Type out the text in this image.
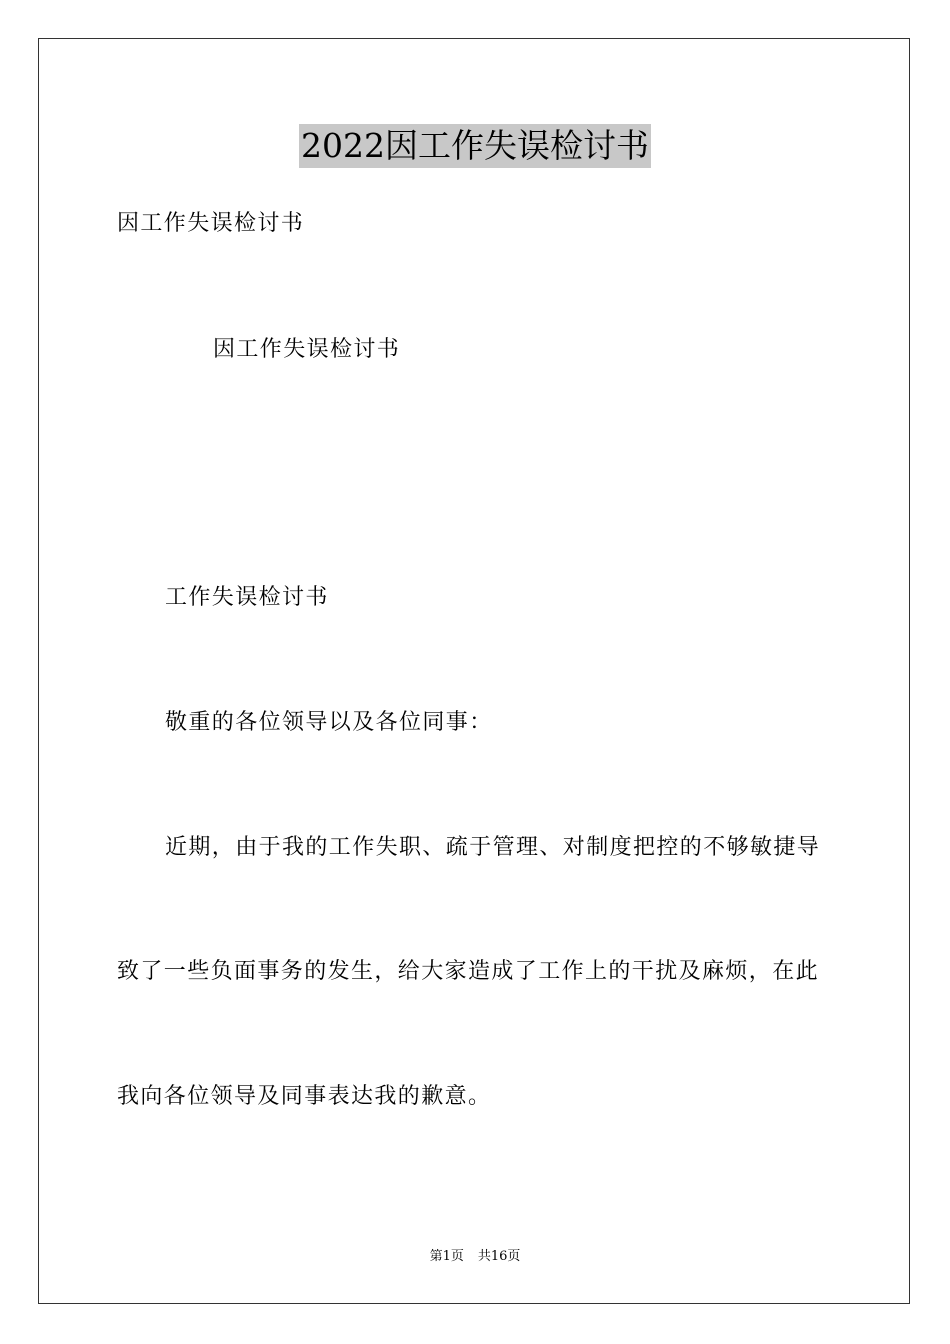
2022因工作失误检讨书
因工作失误检讨书
因工作失误检讨书
工作失误检讨书
敬重的各位领导以及各位同事：
近期，由于我的工作失职、疏于管理、对制度把控的不够敏捷导
致了一些负面事务的发生，给大家造成了工作上的干扰及麻烦，在此
我向各位领导及同事表达我的歉意。
第1页 共16页
